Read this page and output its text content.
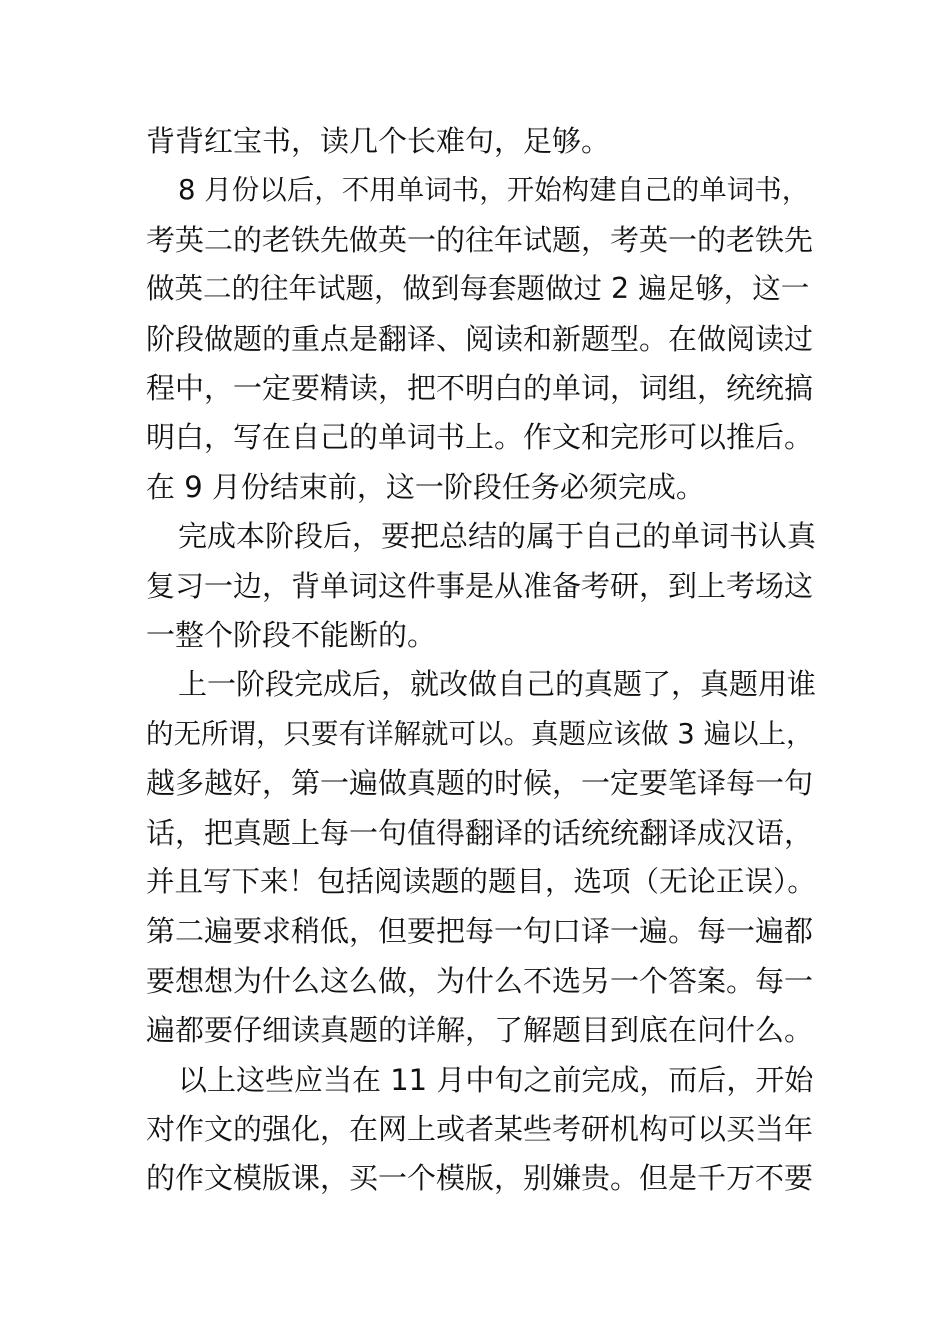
背背红宝书，读几个长难句，足够。
8 月份以后，不用单词书，开始构建自己的单词书，
考英二的老铁先做英一的往年试题，考英一的老铁先
做英二的往年试题，做到每套题做过 2 遍足够，这一
阶段做题的重点是翻译、阅读和新题型。在做阅读过
程中，一定要精读，把不明白的单词，词组，统统搞
明白，写在自己的单词书上。作文和完形可以推后。
在 9 月份结束前，这一阶段任务必须完成。
完成本阶段后，要把总结的属于自己的单词书认真
复习一边，背单词这件事是从准备考研，到上考场这
一整个阶段不能断的。
上一阶段完成后，就改做自己的真题了，真题用谁
的无所谓，只要有详解就可以。真题应该做 3 遍以上，
越多越好，第一遍做真题的时候，一定要笔译每一句
话，把真题上每一句值得翻译的话统统翻译成汉语，
并且写下来！包括阅读题的题目，选项（无论正误）。
第二遍要求稍低，但要把每一句口译一遍。每一遍都
要想想为什么这么做，为什么不选另一个答案。每一
遍都要仔细读真题的详解，了解题目到底在问什么。
以上这些应当在 11 月中旬之前完成，而后，开始
对作文的强化，在网上或者某些考研机构可以买当年
的作文模版课，买一个模版，别嫌贵。但是千万不要
